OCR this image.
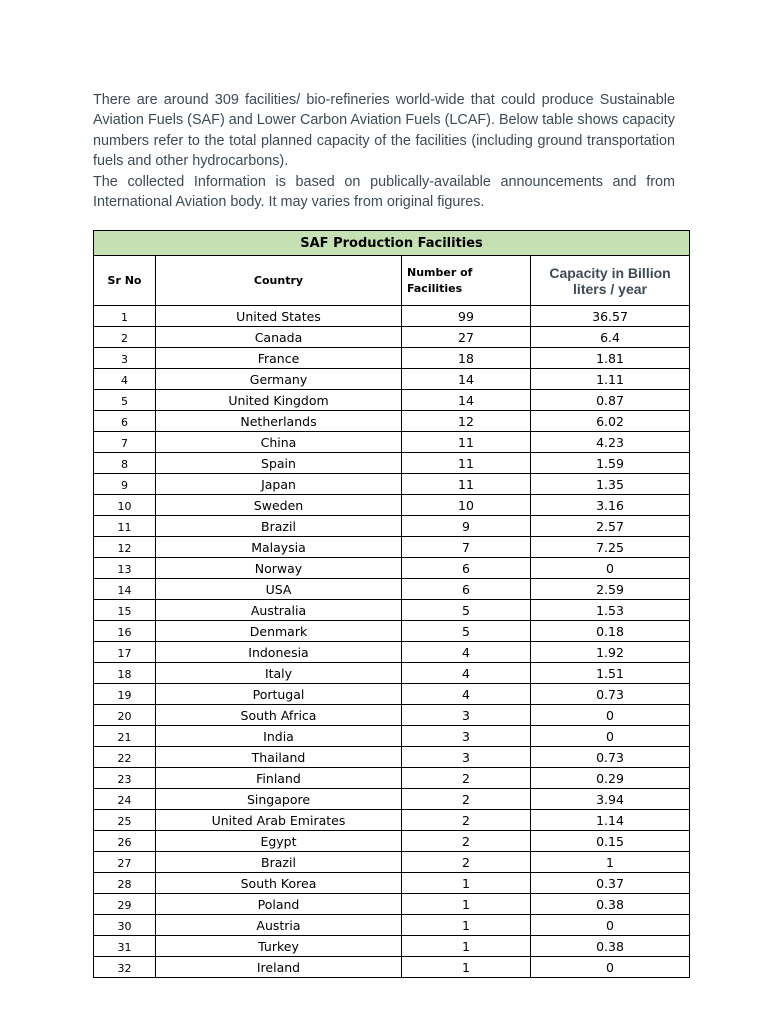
There are around 309 facilities/ bio-refineries world-wide that could produce Sustainable Aviation Fuels (SAF) and Lower Carbon Aviation Fuels (LCAF). Below table shows capacity numbers refer to the total planned capacity of the facilities (including ground transportation fuels and other hydrocarbons).

The collected Information is based on publically-available announcements and from International Aviation body. It may varies from original figures.

SAF Production Facilities			
Sr No	Country	Number of Facilities	Capacity in Billion liters / year
1	United States	99	36.57
2	Canada	27	6.4
3	France	18	1.81
4	Germany	14	1.11
5	United Kingdom	14	0.87
6	Netherlands	12	6.02
7	China	11	4.23
8	Spain	11	1.59
9	Japan	11	1.35
10	Sweden	10	3.16
11	Brazil	9	2.57
12	Malaysia	7	7.25
13	Norway	6	0
14	USA	6	2.59
15	Australia	5	1.53
16	Denmark	5	0.18
17	Indonesia	4	1.92
18	Italy	4	1.51
19	Portugal	4	0.73
20	South Africa	3	0
21	India	3	0
22	Thailand	3	0.73
23	Finland	2	0.29
24	Singapore	2	3.94
25	United Arab Emirates	2	1.14
26	Egypt	2	0.15
27	Brazil	2	1
28	South Korea	1	0.37
29	Poland	1	0.38
30	Austria	1	0
31	Turkey	1	0.38
32	Ireland	1	0
